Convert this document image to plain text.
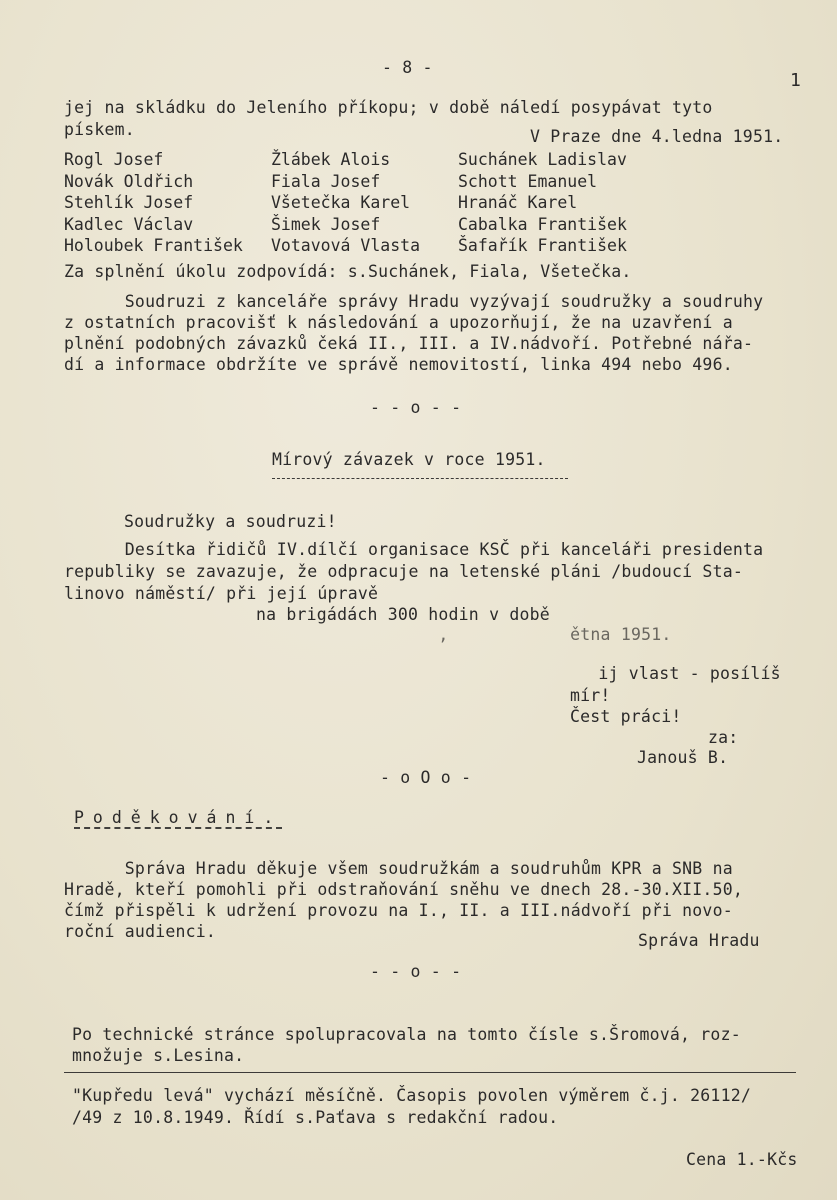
- 8 -
1
jej na skládku do Jeleního příkopu; v době náledí posypávat tyto
pískem.	V Praze dne 4.ledna 1951.
Rogl Josef	Žlábek Alois	Suchánek Ladislav
Novák Oldřich	Fiala Josef	Schott Emanuel
Stehlík Josef	Všetečka Karel	Hranáč Karel
Kadlec Václav	Šimek Josef	Cabalka František
Holoubek František	Votavová Vlasta	Šafařík František
Za splnění úkolu zodpovídá: s.Suchánek, Fiala, Všetečka.
Soudruzi z kanceláře správy Hradu vyzývají soudružky a soudruhy
z ostatních pracovišť k následování a upozorňují, že na uzavření a
plnění podobných závazků čeká II., III. a IV.nádvoří. Potřebné nářa-
dí a informace obdržíte ve správě nemovitostí, linka 494 nebo 496.
- - o - -
Mírový závazek v roce 1951.
Soudružky a soudruzi!
Desítka řidičů IV.dílčí organisace KSČ při kanceláři presidenta
republiky se zavazuje, že odpracuje na letenské pláni /budoucí Sta-
linovo náměstí/ při její úpravě
na brigádách 300 hodin v době
,            ětna 1951.
ij vlast - posílíš
mír!
Čest práci!
za:
Janouš B.
- o O o -
Poděkování.
Správa Hradu děkuje všem soudružkám a soudruhům KPR a SNB na
Hradě, kteří pomohli při odstraňování sněhu ve dnech 28.-30.XII.50,
čímž přispěli k udržení provozu na I., II. a III.nádvoří při novo-
roční audienci.	Správa Hradu
- - o - -
Po technické stránce spolupracovala na tomto čísle s.Šromová, roz-
množuje s.Lesina.
"Kupředu levá" vychází měsíčně. Časopis povolen výměrem č.j. 26112/
/49 z 10.8.1949. Řídí s.Paťava s redakční radou.
Cena 1.-Kčs
